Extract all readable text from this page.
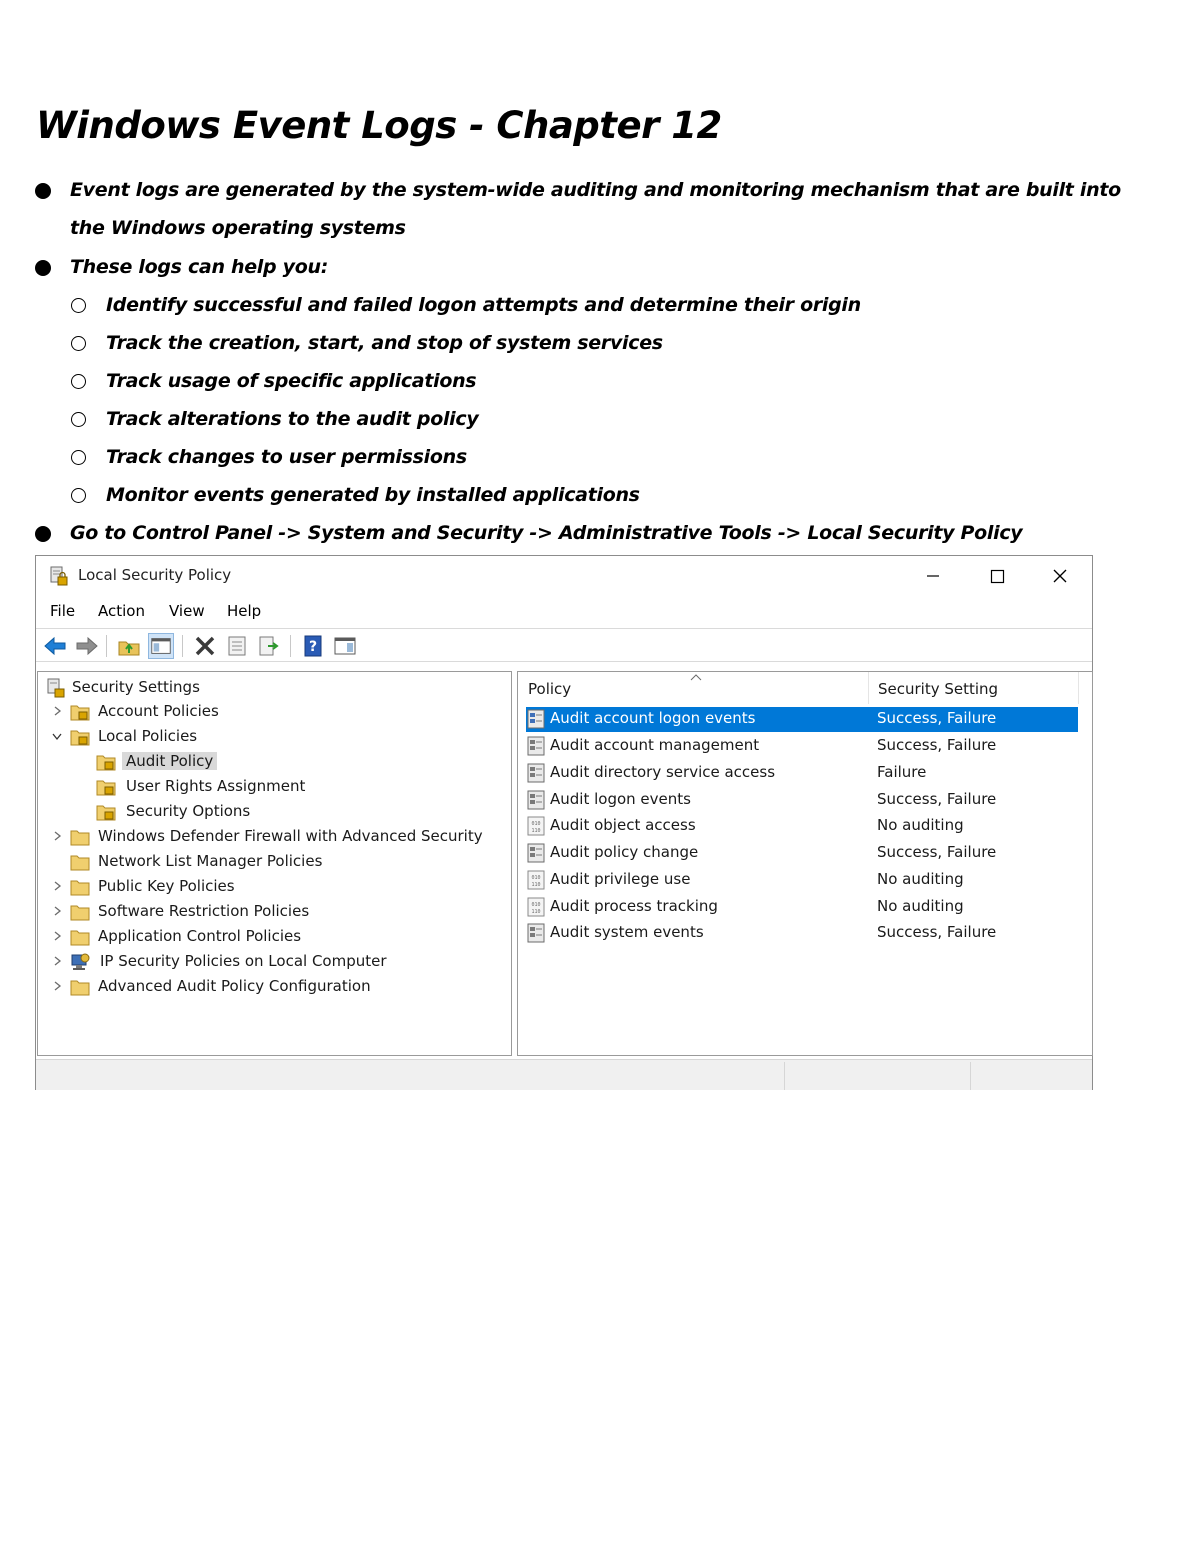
Windows Event Logs - Chapter 12
Event logs are generated by the system-wide auditing and monitoring mechanism that are built into the Windows operating systems
These logs can help you:
Identify successful and failed logon attempts and determine their origin
Track the creation, start, and stop of system services
Track usage of specific applications
Track alterations to the audit policy
Track changes to user permissions
Monitor events generated by installed applications
Go to Control Panel -> System and Security -> Administrative Tools -> Local Security Policy
Local Security Policy
File Action View Help
?
Security Settings
Account Policies
Local Policies
Audit Policy
User Rights Assignment
Security Options
Windows Defender Firewall with Advanced Security
Network List Manager Policies
Public Key Policies
Software Restriction Policies
Application Control Policies
IP Security Policies on Local Computer
Advanced Audit Policy Configuration
Policy	Security Setting
Audit account logon events	Success, Failure
Audit account management	Success, Failure
Audit directory service access	Failure
Audit logon events	Success, Failure
010
110 Audit object access	No auditing
Audit policy change	Success, Failure
010
110 Audit privilege use	No auditing
010
110 Audit process tracking	No auditing
Audit system events	Success, Failure
